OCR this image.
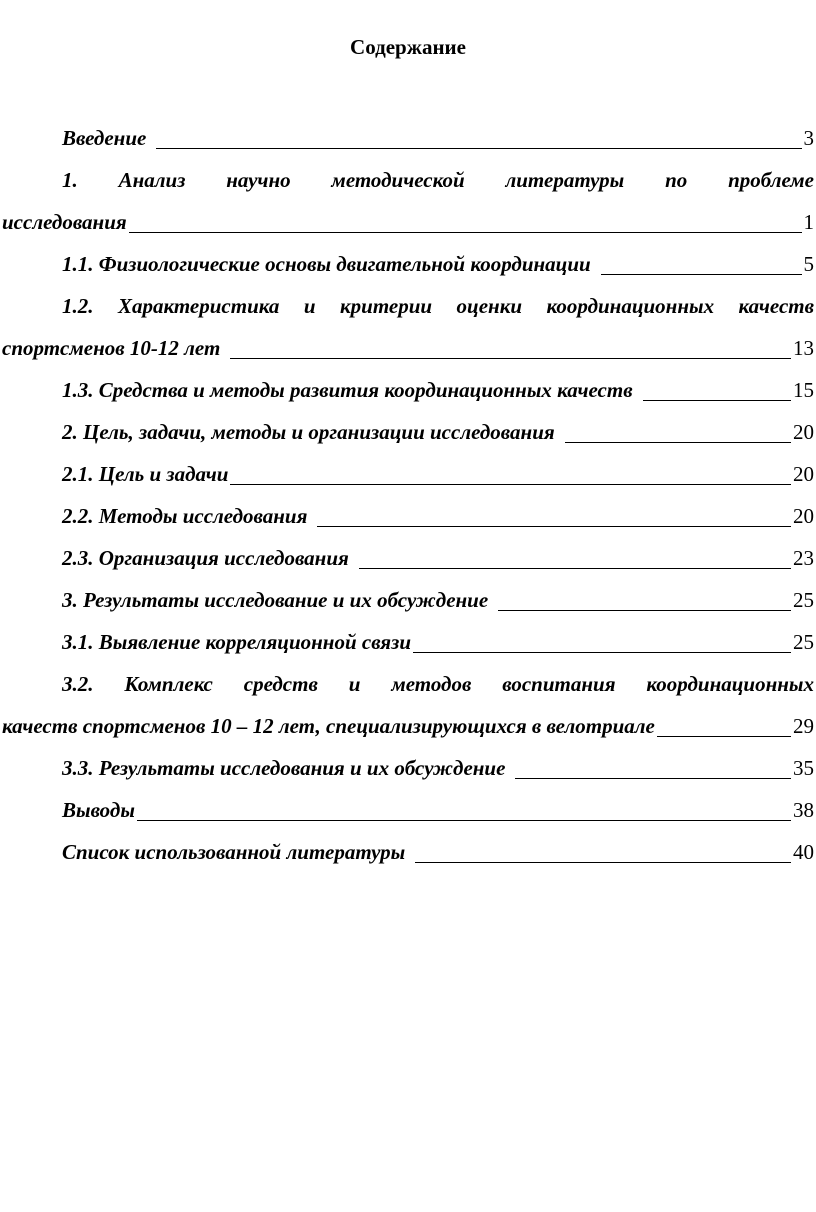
Содержание
Введение	3
1. Анализ научно методической литературы по проблеме
исследования	1
1.1. Физиологические основы двигательной координации	5
1.2. Характеристика и критерии оценки координационных качеств
спортсменов 10-12 лет	13
1.3. Средства и методы развития координационных качеств	15
2. Цель, задачи, методы и организации исследования	20
2.1. Цель и задачи	20
2.2. Методы исследования	20
2.3. Организация исследования	23
3. Результаты исследование и их обсуждение	25
3.1. Выявление корреляционной связи	25
3.2. Комплекс средств и методов воспитания координационных
качеств спортсменов 10 – 12 лет, специализирующихся в велотриале	29
3.3. Результаты исследования и их обсуждение	35
Выводы	38
Список использованной литературы	40
